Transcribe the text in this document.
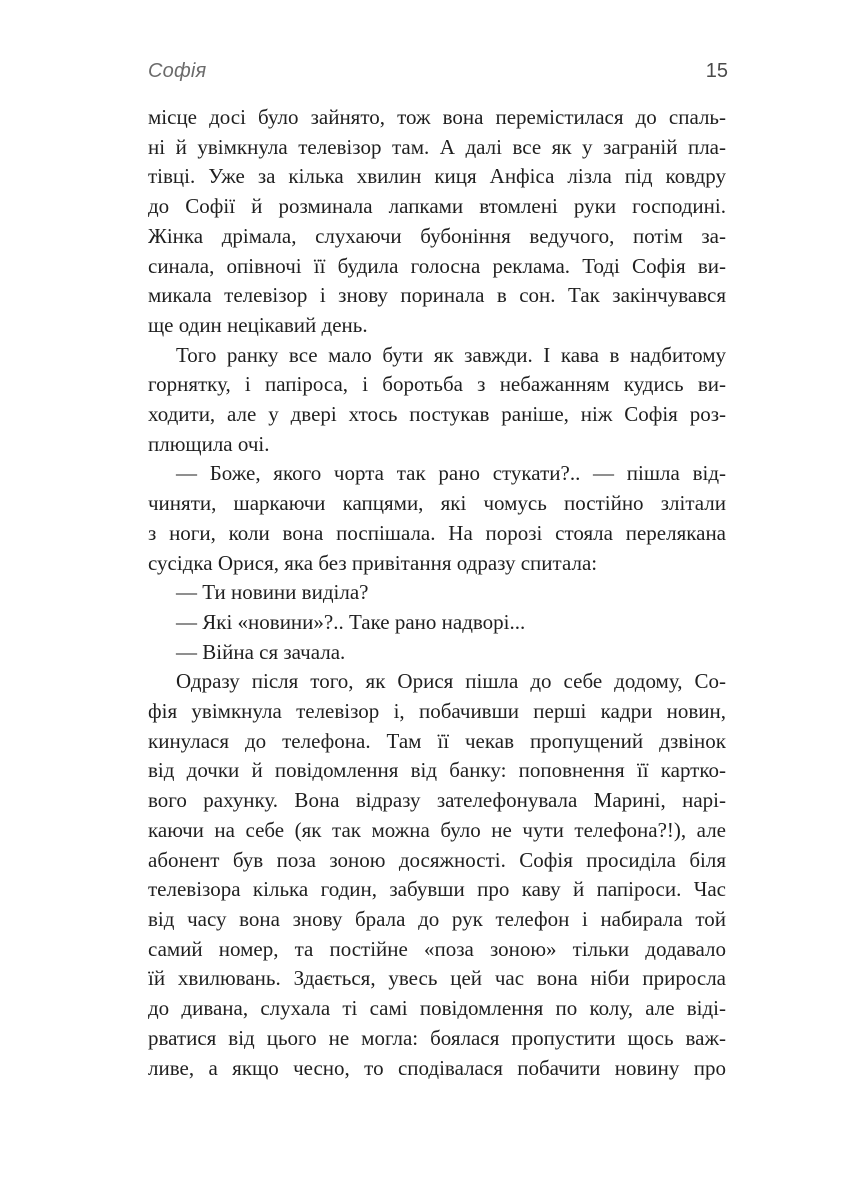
Софія	15
місце досі було зайнято, тож вона перемістилася до спаль-
ні й увімкнула телевізор там. А далі все як у заграній пла-
тівці. Уже за кілька хвилин киця Анфіса лізла під ковдру
до Софії й розминала лапками втомлені руки господині.
Жінка дрімала, слухаючи бубоніння ведучого, потім за-
синала, опівночі її будила голосна реклама. Тоді Софія ви-
микала телевізор і знову поринала в сон. Так закінчувався
ще один нецікавий день.
Того ранку все мало бути як завжди. І кава в надбитому
горнятку, і папіроса, і боротьба з небажанням кудись ви-
ходити, але у двері хтось постукав раніше, ніж Софія роз-
плющила очі.
— Боже, якого чорта так рано стукати?.. — пішла від-
чиняти, шаркаючи капцями, які чомусь постійно злітали
з ноги, коли вона поспішала. На порозі стояла перелякана
сусідка Орися, яка без привітання одразу спитала:
— Ти новини виділа?
— Які «новини»?.. Таке рано надворі...
— Війна ся зачала.
Одразу після того, як Орися пішла до себе додому, Со-
фія увімкнула телевізор і, побачивши перші кадри новин,
кинулася до телефона. Там її чекав пропущений дзвінок
від дочки й повідомлення від банку: поповнення її картко-
вого рахунку. Вона відразу зателефонувала Марині, нарі-
каючи на себе (як так можна було не чути телефона?!), але
абонент був поза зоною досяжності. Софія просиділа біля
телевізора кілька годин, забувши про каву й папіроси. Час
від часу вона знову брала до рук телефон і набирала той
самий номер, та постійне «поза зоною» тільки додавало
їй хвилювань. Здається, увесь цей час вона ніби приросла
до дивана, слухала ті самі повідомлення по колу, але віді-
рватися від цього не могла: боялася пропустити щось важ-
ливе, а якщо чесно, то сподівалася побачити новину про
